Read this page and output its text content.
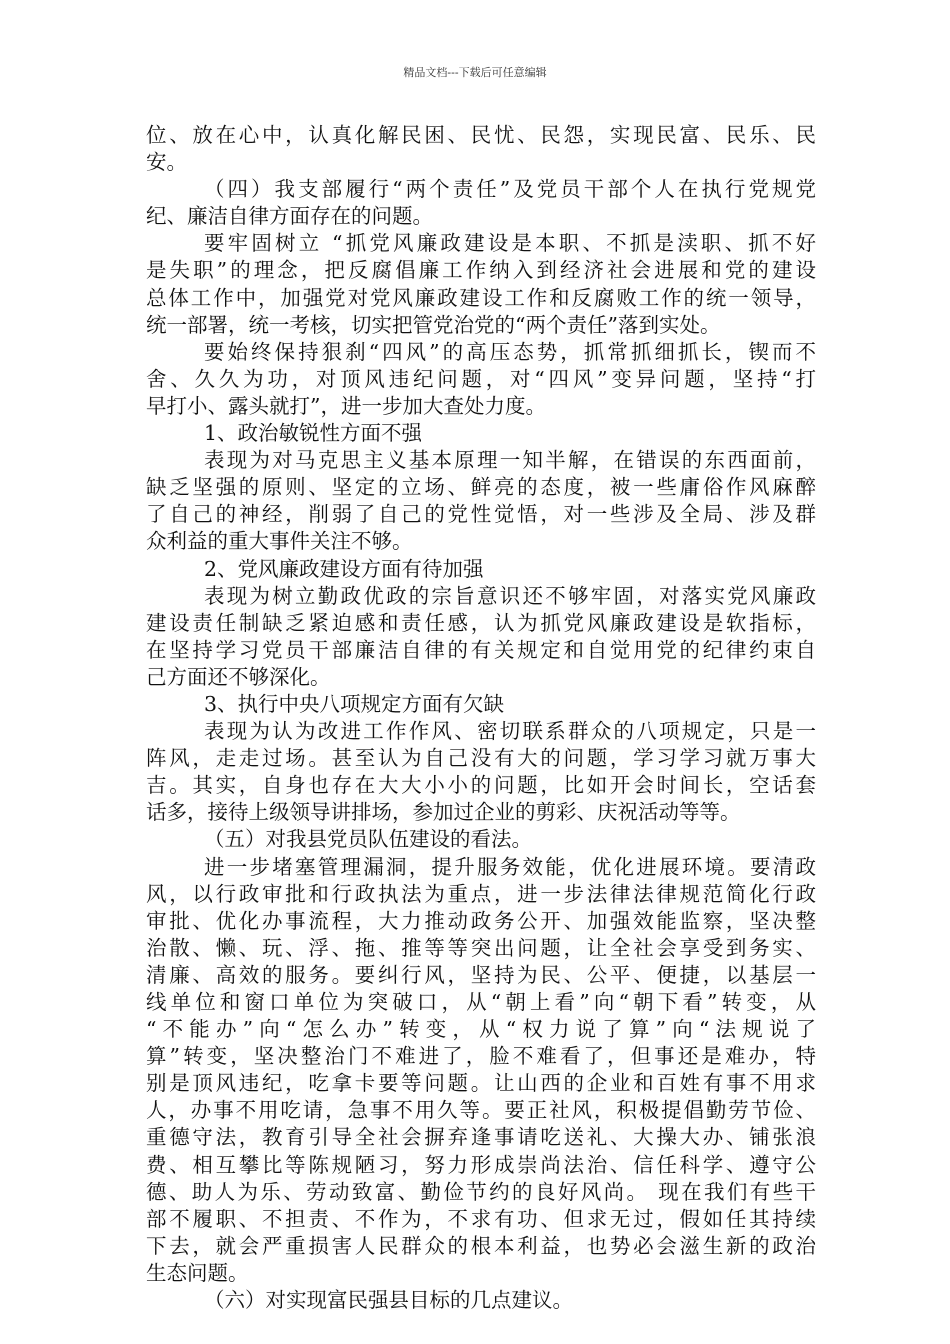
精品文档---下载后可任意编辑
位、放在心中，认真化解民困、民忧、民怨，实现民富、民乐、民
安。
（四）我支部履行“两个责任”及党员干部个人在执行党规党
纪、廉洁自律方面存在的问题。
要牢固树立 “抓党风廉政建设是本职、不抓是渎职、抓不好
是失职”的理念，把反腐倡廉工作纳入到经济社会进展和党的建设
总体工作中，加强党对党风廉政建设工作和反腐败工作的统一领导，
统一部署，统一考核，切实把管党治党的“两个责任”落到实处。
要始终保持狠刹“四风”的高压态势，抓常抓细抓长，锲而不
舍、久久为功，对顶风违纪问题，对“四风”变异问题，坚持“打
早打小、露头就打”，进一步加大查处力度。
1、政治敏锐性方面不强
表现为对马克思主义基本原理一知半解，在错误的东西面前，
缺乏坚强的原则、坚定的立场、鲜亮的态度，被一些庸俗作风麻醉
了自己的神经，削弱了自己的党性觉悟，对一些涉及全局、涉及群
众利益的重大事件关注不够。
2、党风廉政建设方面有待加强
表现为树立勤政优政的宗旨意识还不够牢固，对落实党风廉政
建设责任制缺乏紧迫感和责任感，认为抓党风廉政建设是软指标，
在坚持学习党员干部廉洁自律的有关规定和自觉用党的纪律约束自
己方面还不够深化。
3、执行中央八项规定方面有欠缺
表现为认为改进工作作风、密切联系群众的八项规定，只是一
阵风，走走过场。甚至认为自己没有大的问题，学习学习就万事大
吉。其实，自身也存在大大小小的问题，比如开会时间长，空话套
话多，接待上级领导讲排场，参加过企业的剪彩、庆祝活动等等。
（五）对我县党员队伍建设的看法。
进一步堵塞管理漏洞，提升服务效能，优化进展环境。要清政
风，以行政审批和行政执法为重点，进一步法律法律规范简化行政
审批、优化办事流程，大力推动政务公开、加强效能监察，坚决整
治散、懒、玩、浮、拖、推等等突出问题，让全社会享受到务实、
清廉、高效的服务。要纠行风，坚持为民、公平、便捷，以基层一
线单位和窗口单位为突破口，从“朝上看”向“朝下看”转变，从
“不能办”向“怎么办”转变，从“权力说了算”向“法规说了
算”转变，坚决整治门不难进了，脸不难看了，但事还是难办，特
别是顶风违纪，吃拿卡要等问题。让山西的企业和百姓有事不用求
人，办事不用吃请，急事不用久等。要正社风，积极提倡勤劳节俭、
重德守法，教育引导全社会摒弃逢事请吃送礼、大操大办、铺张浪
费、相互攀比等陈规陋习，努力形成崇尚法治、信任科学、遵守公
德、助人为乐、劳动致富、勤俭节约的良好风尚。 现在我们有些干
部不履职、不担责、不作为，不求有功、但求无过，假如任其持续
下去，就会严重损害人民群众的根本利益，也势必会滋生新的政治
生态问题。
（六）对实现富民强县目标的几点建议。
